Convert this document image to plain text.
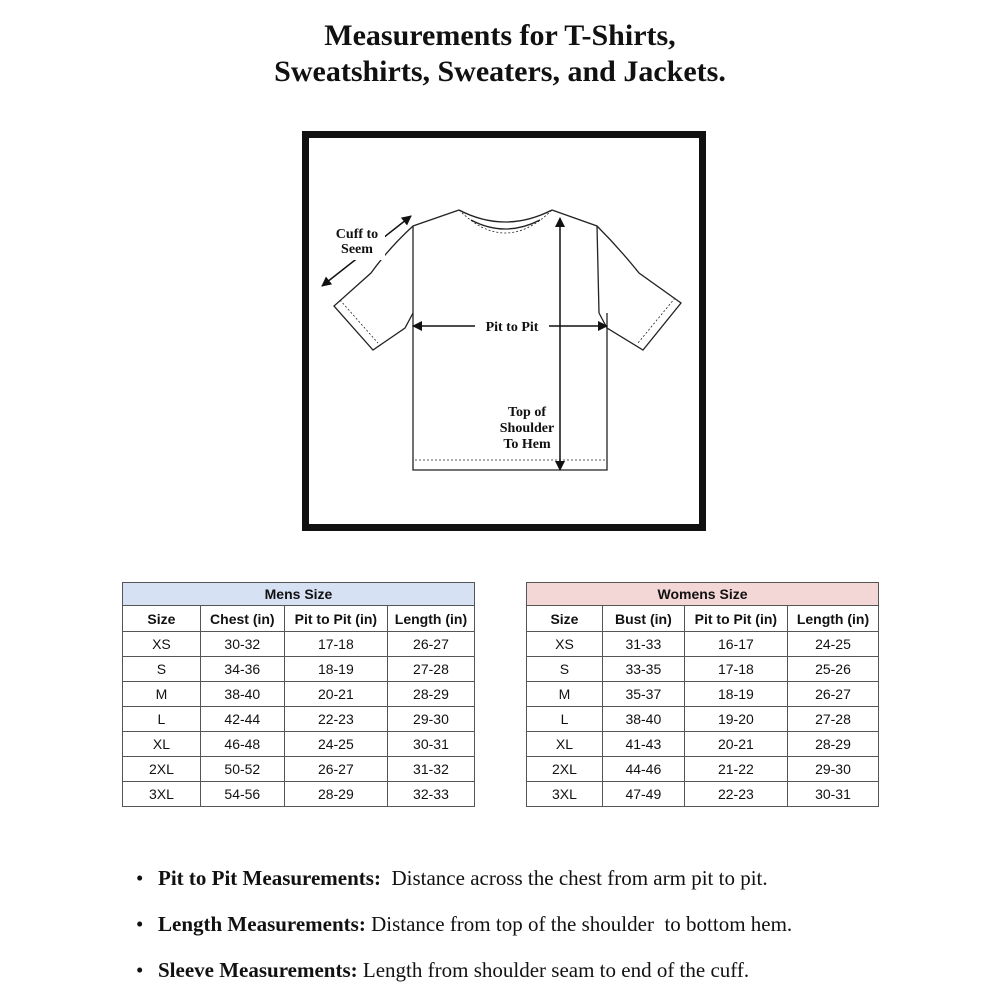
Measurements for T-Shirts,
Sweatshirts, Sweaters, and Jackets.
Cuff to
Seem
Pit to Pit
Top of
Shoulder
To Hem
Mens Size			
Size	Chest (in)	Pit to Pit (in)	Length (in)
XS	30-32	17-18	26-27
S	34-36	18-19	27-28
M	38-40	20-21	28-29
L	42-44	22-23	29-30
XL	46-48	24-25	30-31
2XL	50-52	26-27	31-32
3XL	54-56	28-29	32-33
Womens Size			
Size	Bust (in)	Pit to Pit (in)	Length (in)
XS	31-33	16-17	24-25
S	33-35	17-18	25-26
M	35-37	18-19	26-27
L	38-40	19-20	27-28
XL	41-43	20-21	28-29
2XL	44-46	21-22	29-30
3XL	47-49	22-23	30-31
• Pit to Pit Measurements: Distance across the chest from arm pit to pit.
• Length Measurements: Distance from top of the shoulder  to bottom hem.
• Sleeve Measurements: Length from shoulder seam to end of the cuff.
